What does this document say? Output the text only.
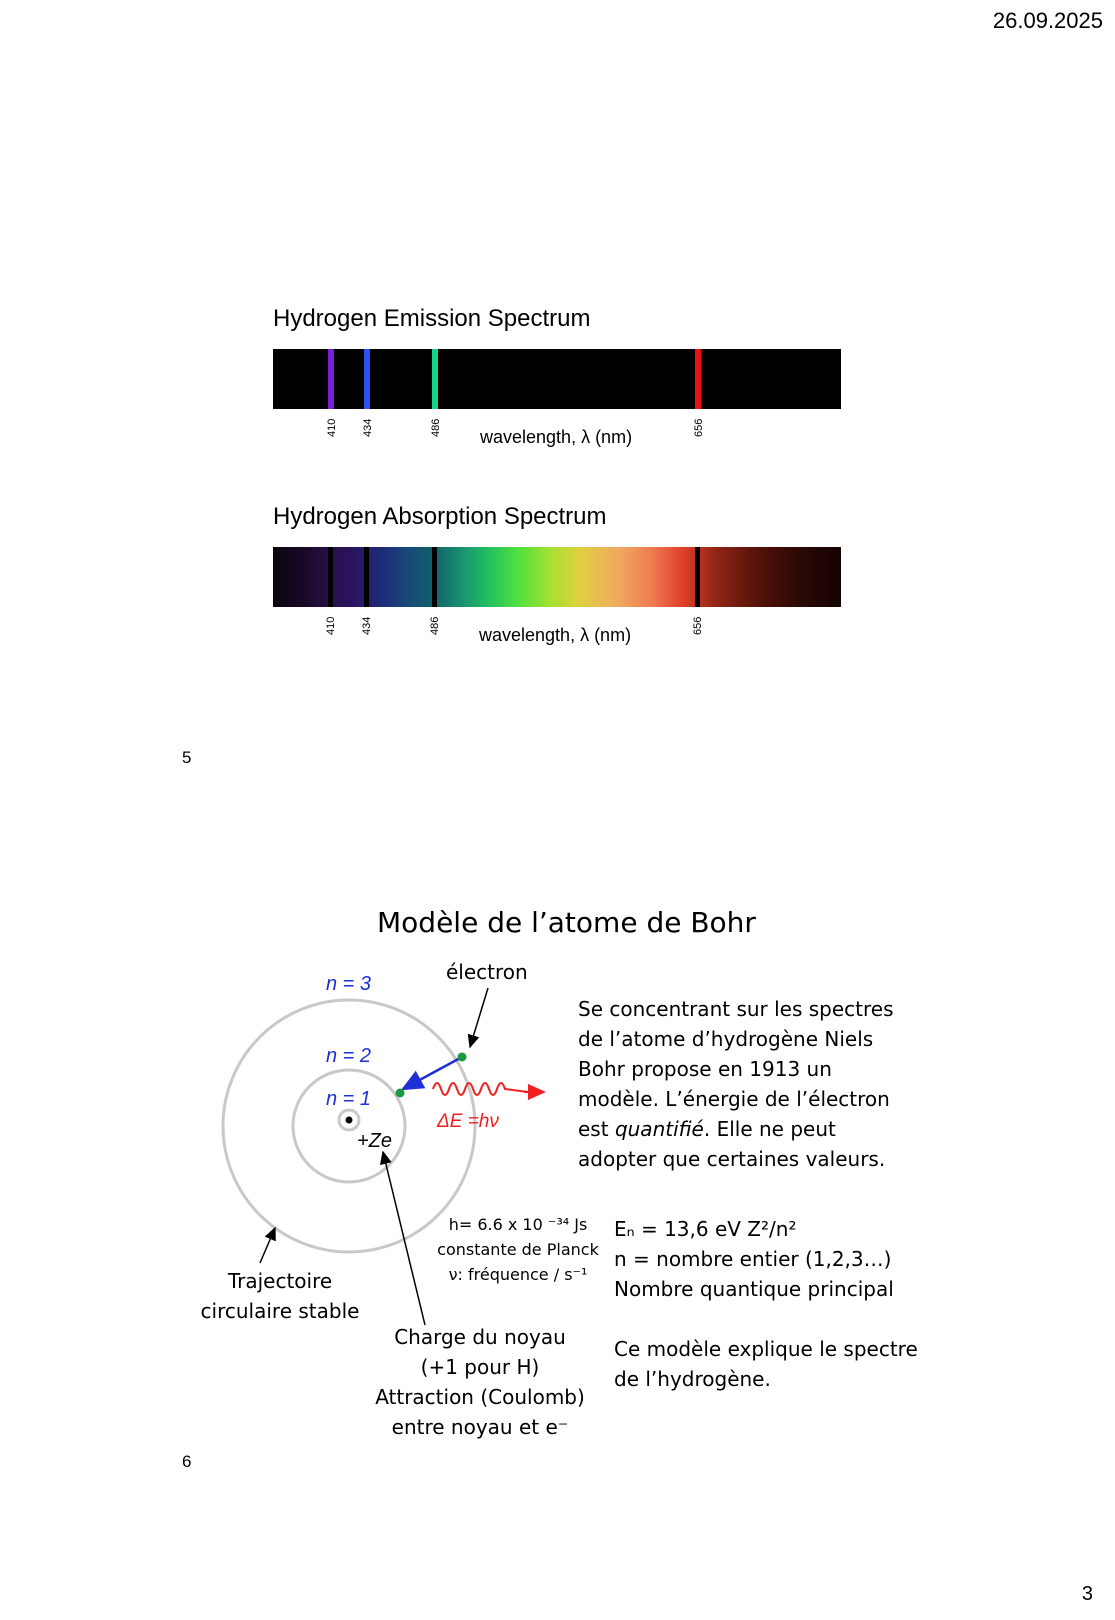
26.09.2025
3
Hydrogen Emission Spectrum
410 434	486	656
wavelength, λ (nm)
Hydrogen Absorption Spectrum
410 434	486	656
wavelength, λ (nm)
5
Modèle de l’atome de Bohr
n = 3
n = 2
n = 1
+Ze
ΔE =hν
électron
Se concentrant sur les spectres
de l’atome d’hydrogène Niels
Bohr propose en 1913 un
modèle. L’énergie de l’électron
est quantifié. Elle ne peut
adopter que certaines valeurs.
h= 6.6 x 10 ⁻³⁴ Js
constante de Planck
ν: fréquence / s⁻¹
Eₙ = 13,6 eV Z²/n²
n = nombre entier (1,2,3…)
Nombre quantique principal
Ce modèle explique le spectre
de l’hydrogène.
Trajectoire
circulaire stable
Charge du noyau
(+1 pour H)
Attraction (Coulomb)
entre noyau et e⁻
6
